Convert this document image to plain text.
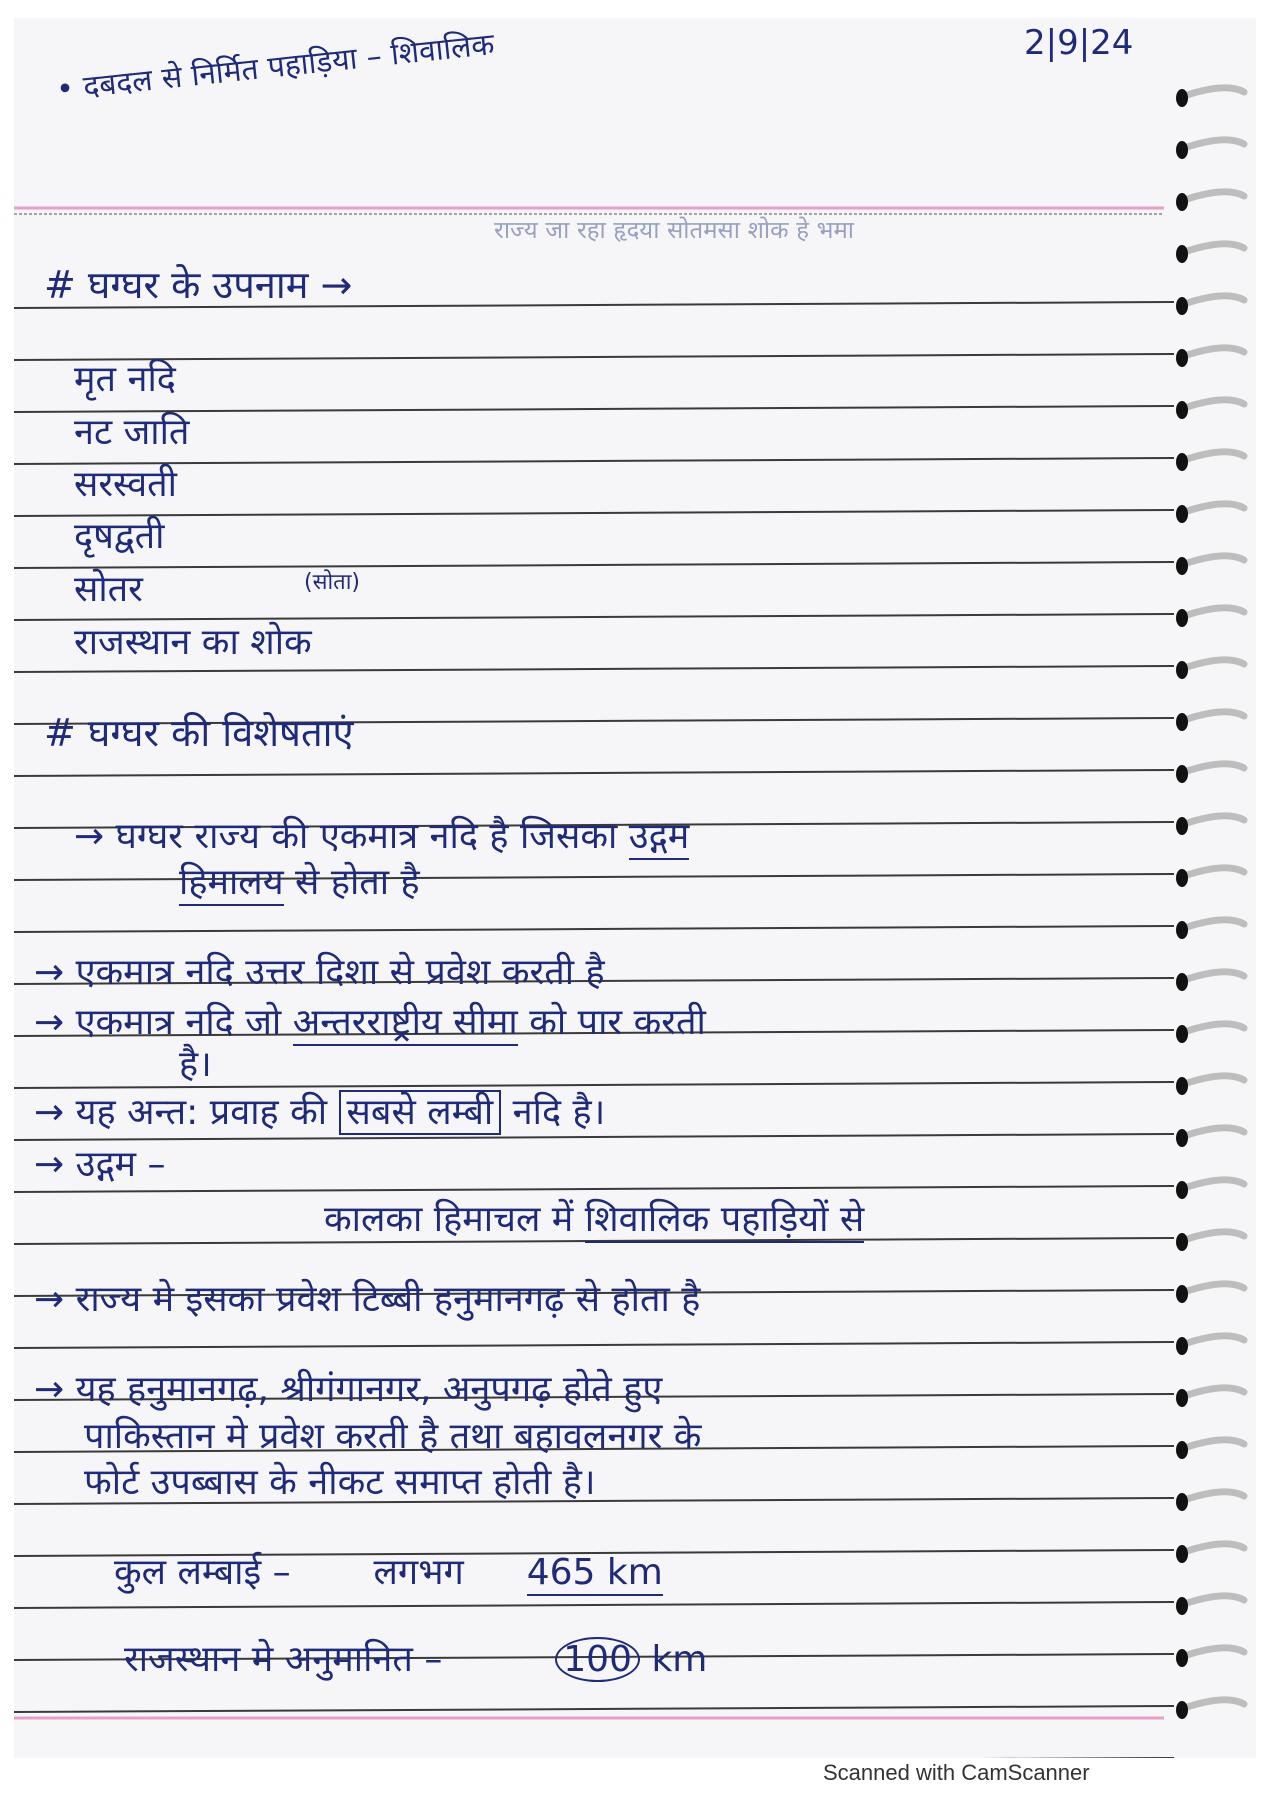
2|9|24
• दबदल से निर्मित पहाड़िया – शिवालिक
राज्य जा रहा हृदया सोतमसा शोक हे भमा
# घग्घर के उपनाम →
मृत नदि
नट जाति
सरस्वती
दृषद्वती
सोतर	(सोता)
राजस्थान का शोक
# घग्घर की विशेषताएं
→ घग्घर राज्य की एकमात्र नदि है जिसका उद्गम
हिमालय से होता है
→ एकमात्र नदि उत्तर दिशा से प्रवेश करती है
→ एकमात्र नदि जो अन्तरराष्ट्रीय सीमा को पार करती
है।
→ यह अन्त: प्रवाह की सबसे लम्बी नदि है।
→ उद्गम –
कालका हिमाचल में शिवालिक पहाड़ियों से
→ राज्य मे इसका प्रवेश टिब्बी हनुमानगढ़ से होता है
→ यह हनुमानगढ़, श्रीगंगानगर, अनुपगढ़ होते हुए
पाकिस्तान मे प्रवेश करती है तथा बहावलनगर के
फोर्ट उपब्बास के नीकट समाप्त होती है।
कुल लम्बाई – लगभग 465 km
राजस्थान मे अनुमानित –	100 km
Scanned with CamScanner
